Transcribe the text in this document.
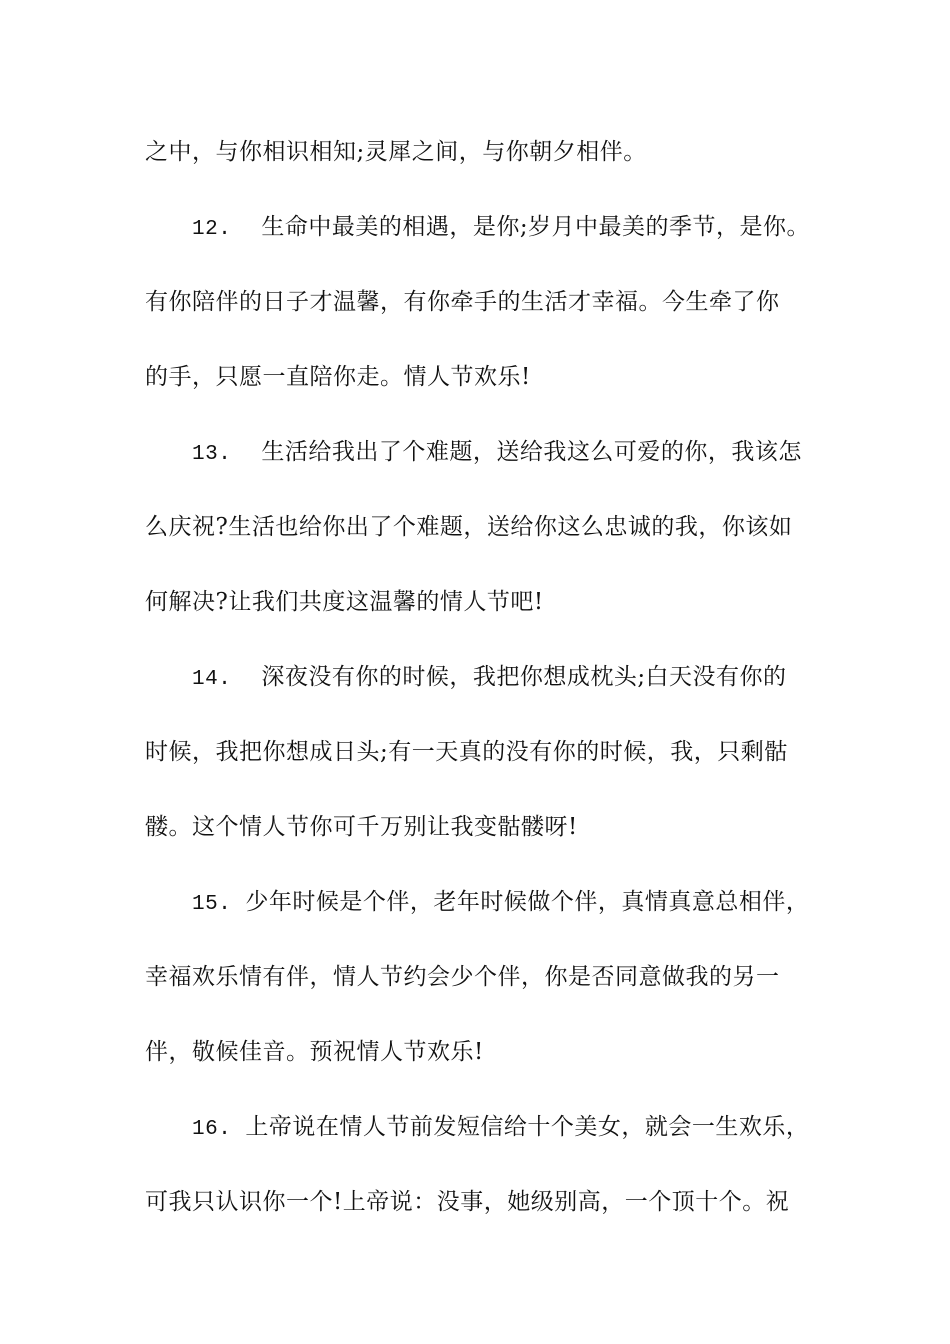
之中，与你相识相知;灵犀之间，与你朝夕相伴。
12. 生命中最美的相遇，是你;岁月中最美的季节，是你。
有你陪伴的日子才温馨，有你牵手的生活才幸福。今生牵了你
的手，只愿一直陪你走。情人节欢乐!
13. 生活给我出了个难题，送给我这么可爱的你，我该怎
么庆祝?生活也给你出了个难题，送给你这么忠诚的我，你该如
何解决?让我们共度这温馨的情人节吧!
14. 深夜没有你的时候，我把你想成枕头;白天没有你的
时候，我把你想成日头;有一天真的没有你的时候，我，只剩骷
髅。这个情人节你可千万别让我变骷髅呀!
15. 少年时候是个伴，老年时候做个伴，真情真意总相伴，
幸福欢乐情有伴，情人节约会少个伴，你是否同意做我的另一
伴，敬候佳音。预祝情人节欢乐!
16. 上帝说在情人节前发短信给十个美女，就会一生欢乐，
可我只认识你一个!上帝说：没事，她级别高，一个顶十个。祝
